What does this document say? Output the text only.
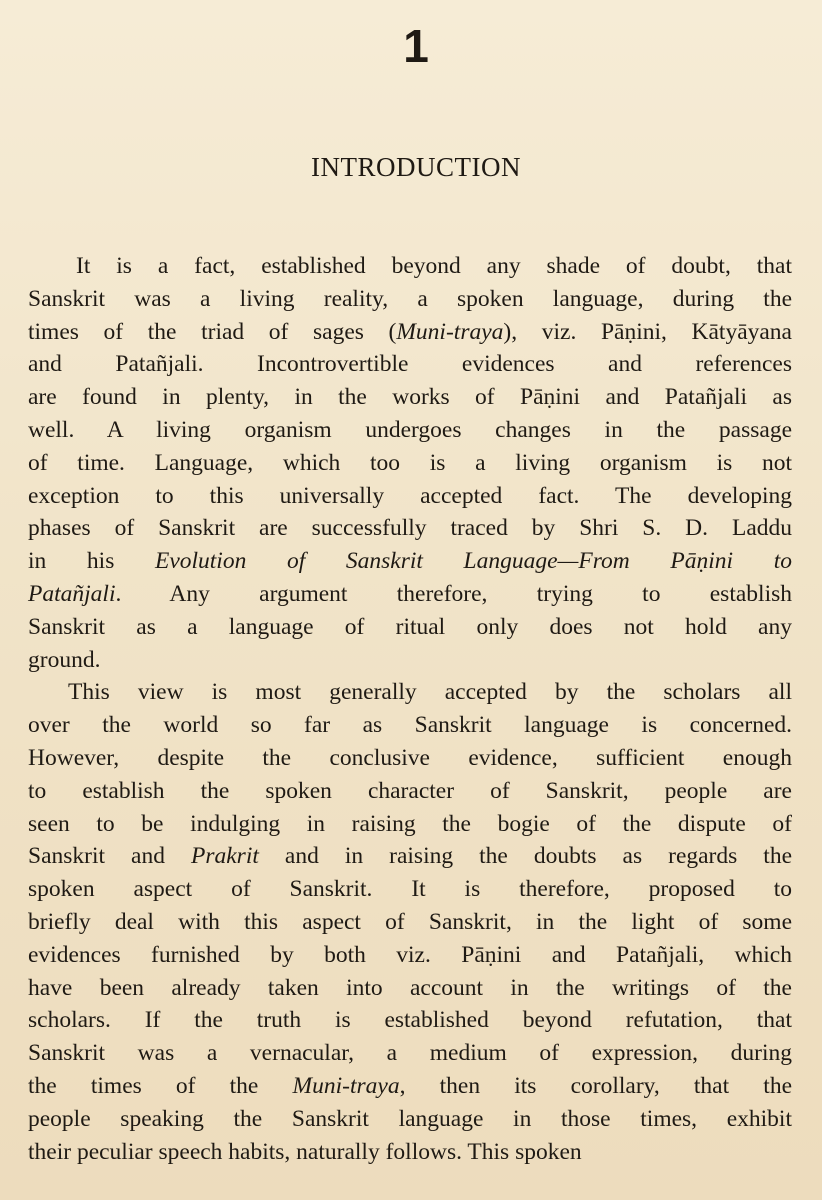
1
INTRODUCTION
It is a fact, established beyond any shade of doubt, that
Sanskrit was a living reality, a spoken language, during the
times of the triad of sages (Muni-traya), viz. Pāṇini, Kātyāyana
and Patañjali. Incontrovertible evidences and references
are found in plenty, in the works of Pāṇini and Patañjali as
well. A living organism undergoes changes in the passage
of time. Language, which too is a living organism is not
exception to this universally accepted fact. The developing
phases of Sanskrit are successfully traced by Shri S. D. Laddu
in his Evolution of Sanskrit Language—From Pāṇini to
Patañjali. Any argument therefore, trying to establish
Sanskrit as a language of ritual only does not hold any
ground.
This view is most generally accepted by the scholars all
over the world so far as Sanskrit language is concerned.
However, despite the conclusive evidence, sufficient enough
to establish the spoken character of Sanskrit, people are
seen to be indulging in raising the bogie of the dispute of
Sanskrit and Prakrit and in raising the doubts as regards the
spoken aspect of Sanskrit. It is therefore, proposed to
briefly deal with this aspect of Sanskrit, in the light of some
evidences furnished by both viz. Pāṇini and Patañjali, which
have been already taken into account in the writings of the
scholars. If the truth is established beyond refutation, that
Sanskrit was a vernacular, a medium of expression, during
the times of the Muni-traya, then its corollary, that the
people speaking the Sanskrit language in those times, exhibit
their peculiar speech habits, naturally follows. This spoken
